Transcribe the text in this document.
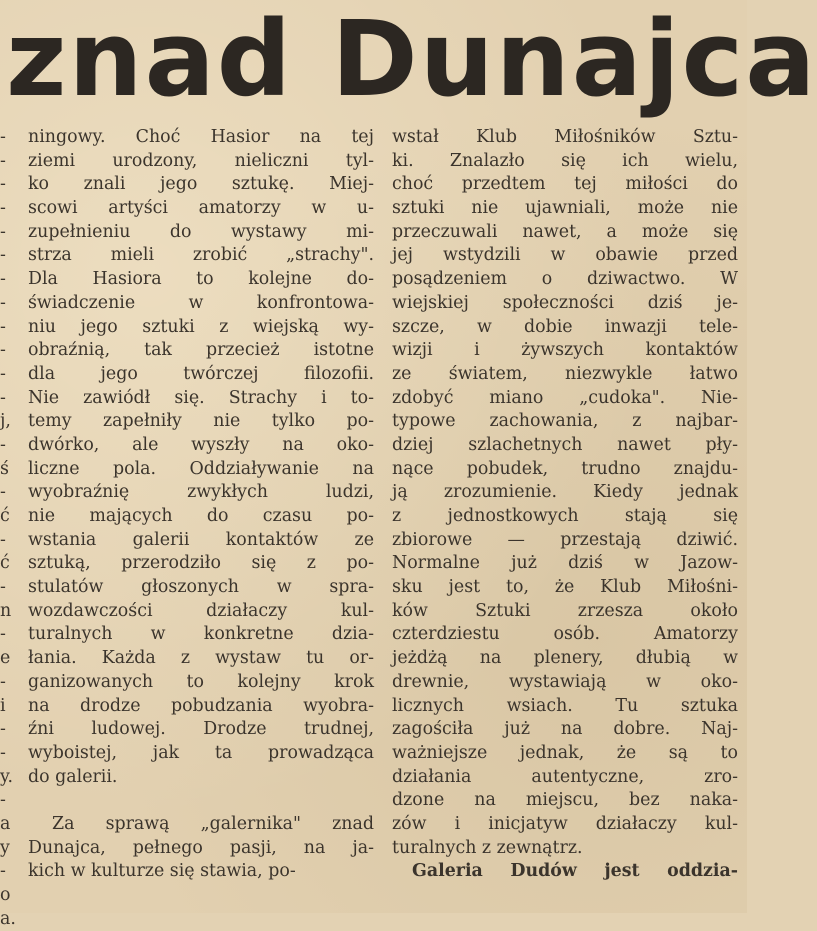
znad Dunajca
-
-
-
-
-
-
-
-
-
-
-
-
j,
-
ś
-
ć
-
ć
-
n
-
e
-
i
-
-
y.
-
a
y
-
o
a.
ningowy. Choć Hasior na tej
ziemi urodzony, nieliczni tyl-
ko znali jego sztukę. Miej-
scowi artyści amatorzy w u-
zupełnieniu do wystawy mi-
strza mieli zrobić „strachy".
Dla Hasiora to kolejne do-
świadczenie w konfrontowa-
niu jego sztuki z wiejską wy-
obraźnią, tak przecież istotne
dla jego twórczej filozofii.
Nie zawiódł się. Strachy i to-
temy zapełniły nie tylko po-
dwórko, ale wyszły na oko-
liczne pola. Oddziaływanie na
wyobraźnię zwykłych ludzi,
nie mających do czasu po-
wstania galerii kontaktów ze
sztuką, przerodziło się z po-
stulatów głoszonych w spra-
wozdawczości działaczy kul-
turalnych w konkretne dzia-
łania. Każda z wystaw tu or-
ganizowanych to kolejny krok
na drodze pobudzania wyobra-
źni ludowej. Drodze trudnej,
wyboistej, jak ta prowadząca
do galerii.
Za sprawą „galernika" znad
Dunajca, pełnego pasji, na ja-
kich w kulturze się stawia, po-
wstał Klub Miłośników Sztu-
ki. Znalazło się ich wielu,
choć przedtem tej miłości do
sztuki nie ujawniali, może nie
przeczuwali nawet, a może się
jej wstydzili w obawie przed
posądzeniem o dziwactwo. W
wiejskiej społeczności dziś je-
szcze, w dobie inwazji tele-
wizji i żywszych kontaktów
ze światem, niezwykle łatwo
zdobyć miano „cudoka". Nie-
typowe zachowania, z najbar-
dziej szlachetnych nawet pły-
nące pobudek, trudno znajdu-
ją zrozumienie. Kiedy jednak
z jednostkowych stają się
zbiorowe — przestają dziwić.
Normalne już dziś w Jazow-
sku jest to, że Klub Miłośni-
ków Sztuki zrzesza około
czterdziestu osób. Amatorzy
jeżdżą na plenery, dłubią w
drewnie, wystawiają w oko-
licznych wsiach. Tu sztuka
zagościła już na dobre. Naj-
ważniejsze jednak, że są to
działania autentyczne, zro-
dzone na miejscu, bez naka-
zów i inicjatyw działaczy kul-
turalnych z zewnątrz.
Galeria Dudów jest oddzia-
